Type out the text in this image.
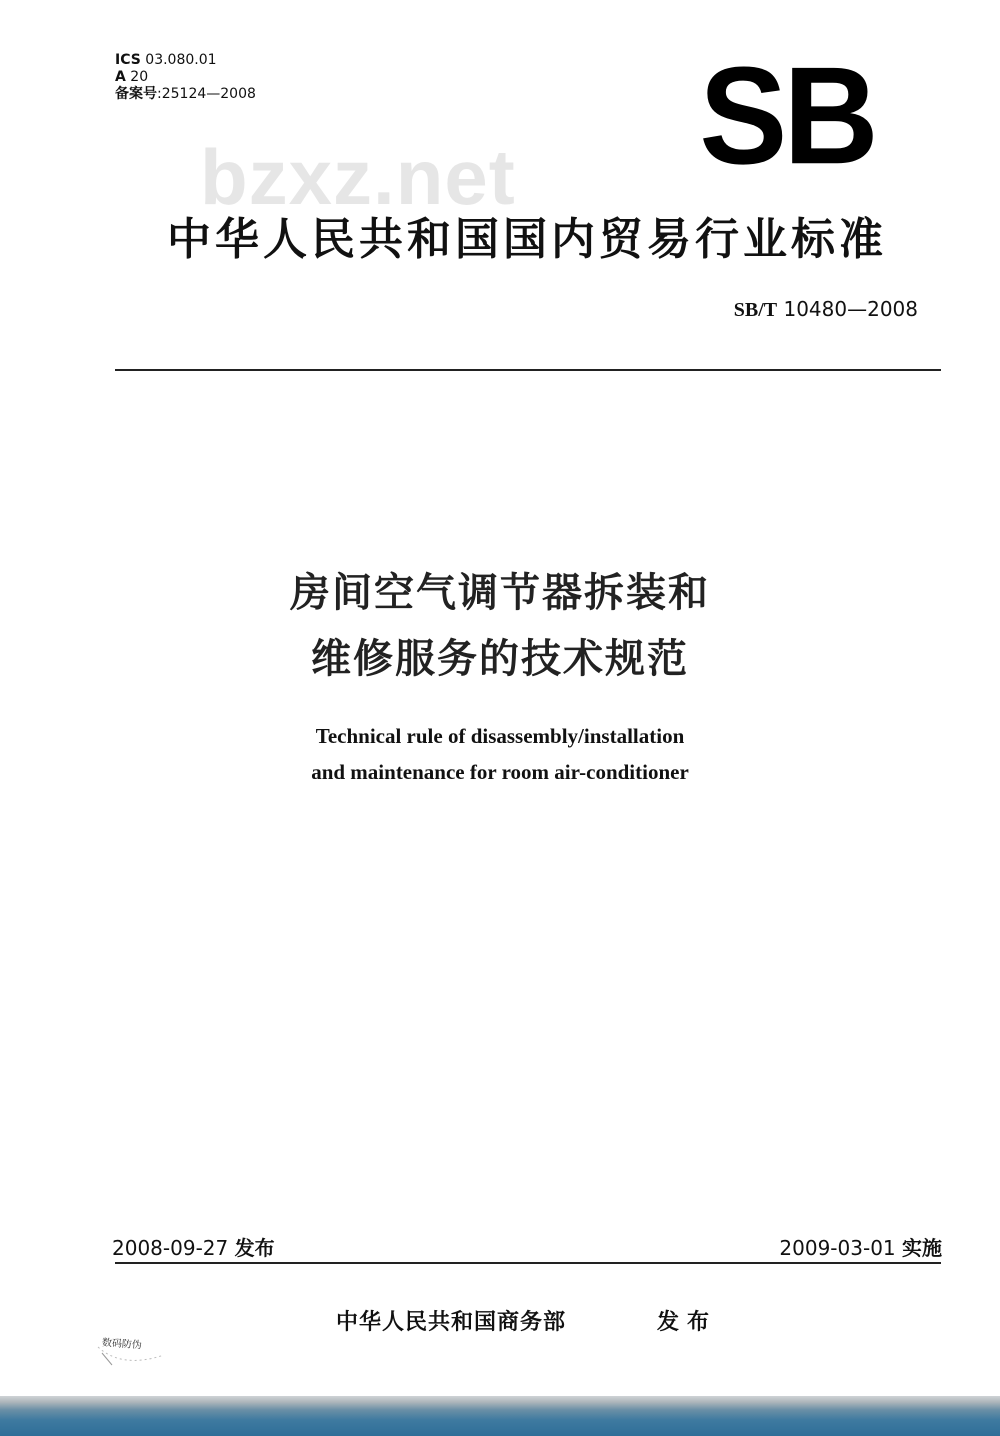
ICS 03.080.01
A 20
备案号:25124—2008	SB
bzxz.net
中华人民共和国国内贸易行业标准
SB/T 10480—2008
房间空气调节器拆装和
维修服务的技术规范
Technical rule of disassembly/installation
and maintenance for room air-conditioner
2008-09-27 发布	2009-03-01 实施
中华人民共和国商务部	发布
数码防伪
